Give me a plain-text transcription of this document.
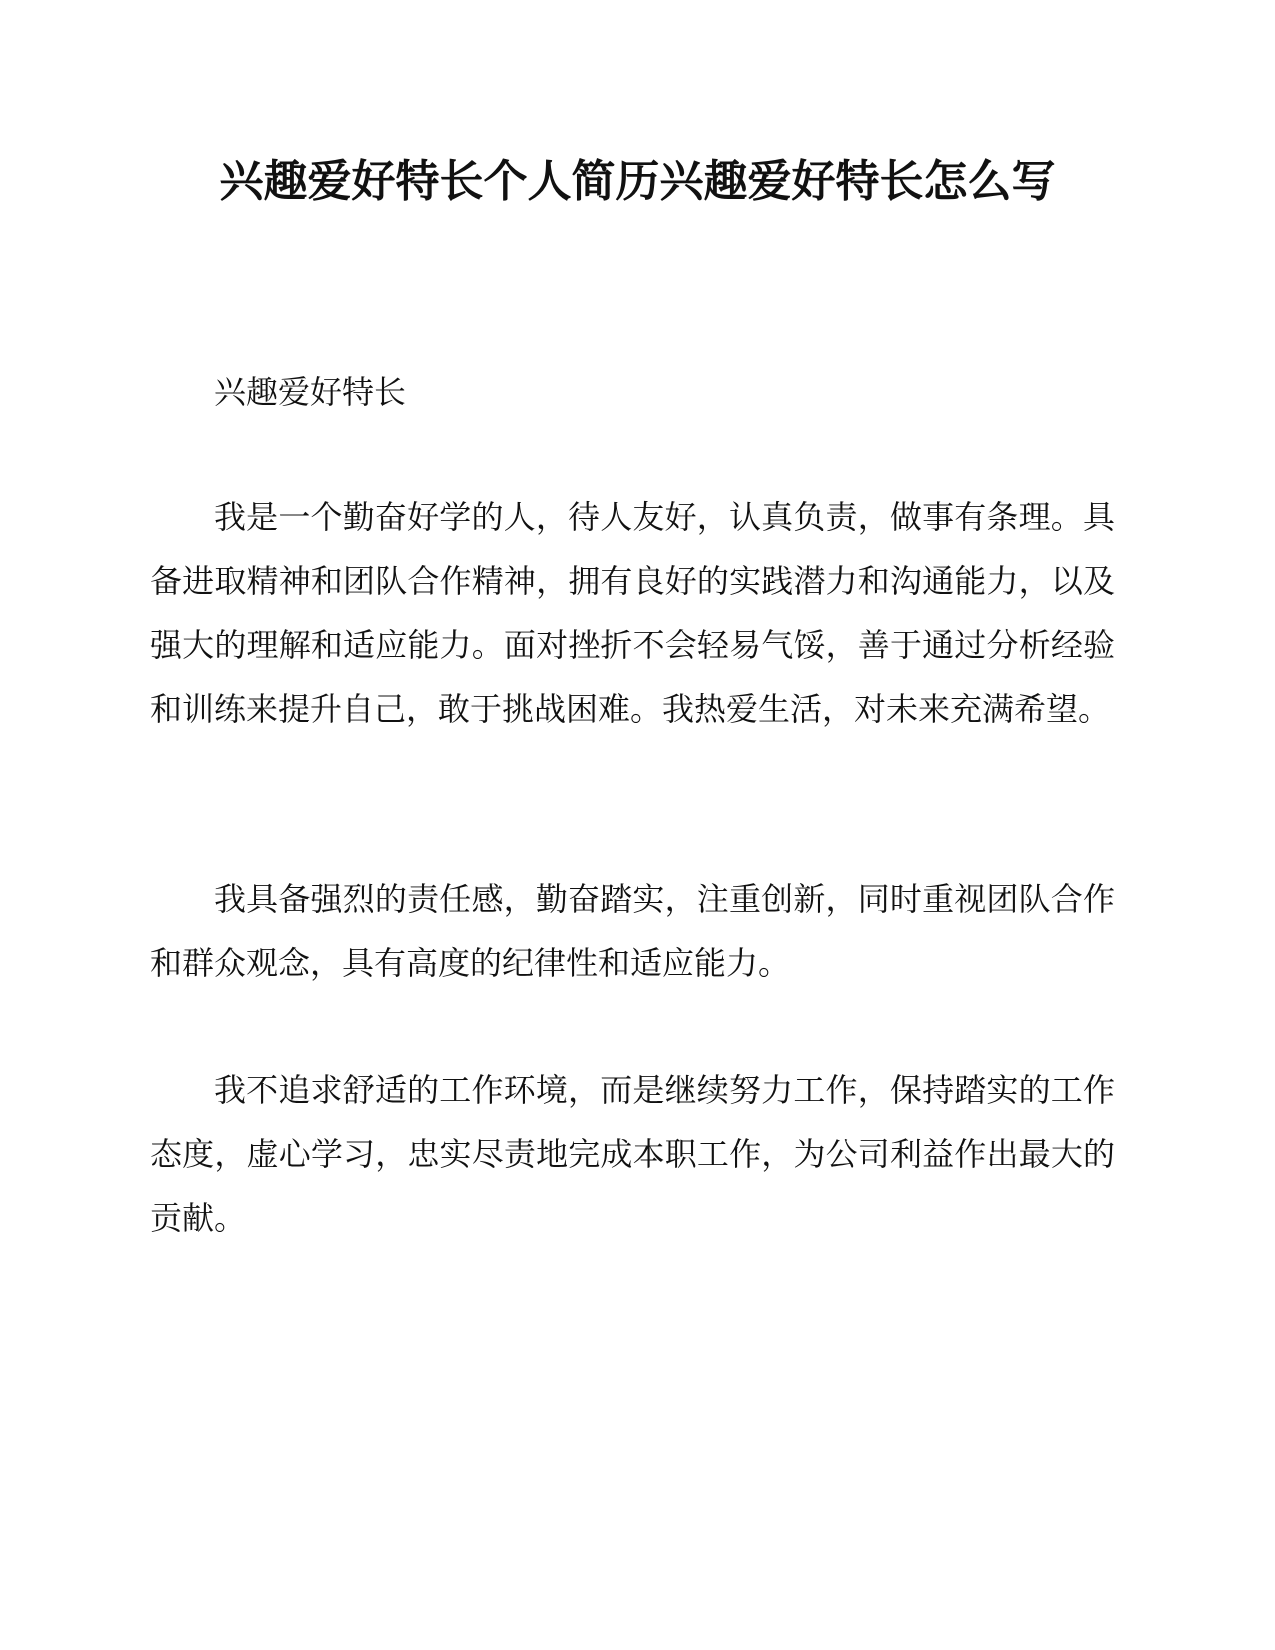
兴趣爱好特长个人简历兴趣爱好特长怎么写

兴趣爱好特长

我是一个勤奋好学的人，待人友好，认真负责，做事有条理。具备进取精神和团队合作精神，拥有良好的实践潜力和沟通能力，以及强大的理解和适应能力。面对挫折不会轻易气馁，善于通过分析经验和训练来提升自己，敢于挑战困难。我热爱生活，对未来充满希望。

我具备强烈的责任感，勤奋踏实，注重创新，同时重视团队合作和群众观念，具有高度的纪律性和适应能力。

我不追求舒适的工作环境，而是继续努力工作，保持踏实的工作态度，虚心学习，忠实尽责地完成本职工作，为公司利益作出最大的贡献。
